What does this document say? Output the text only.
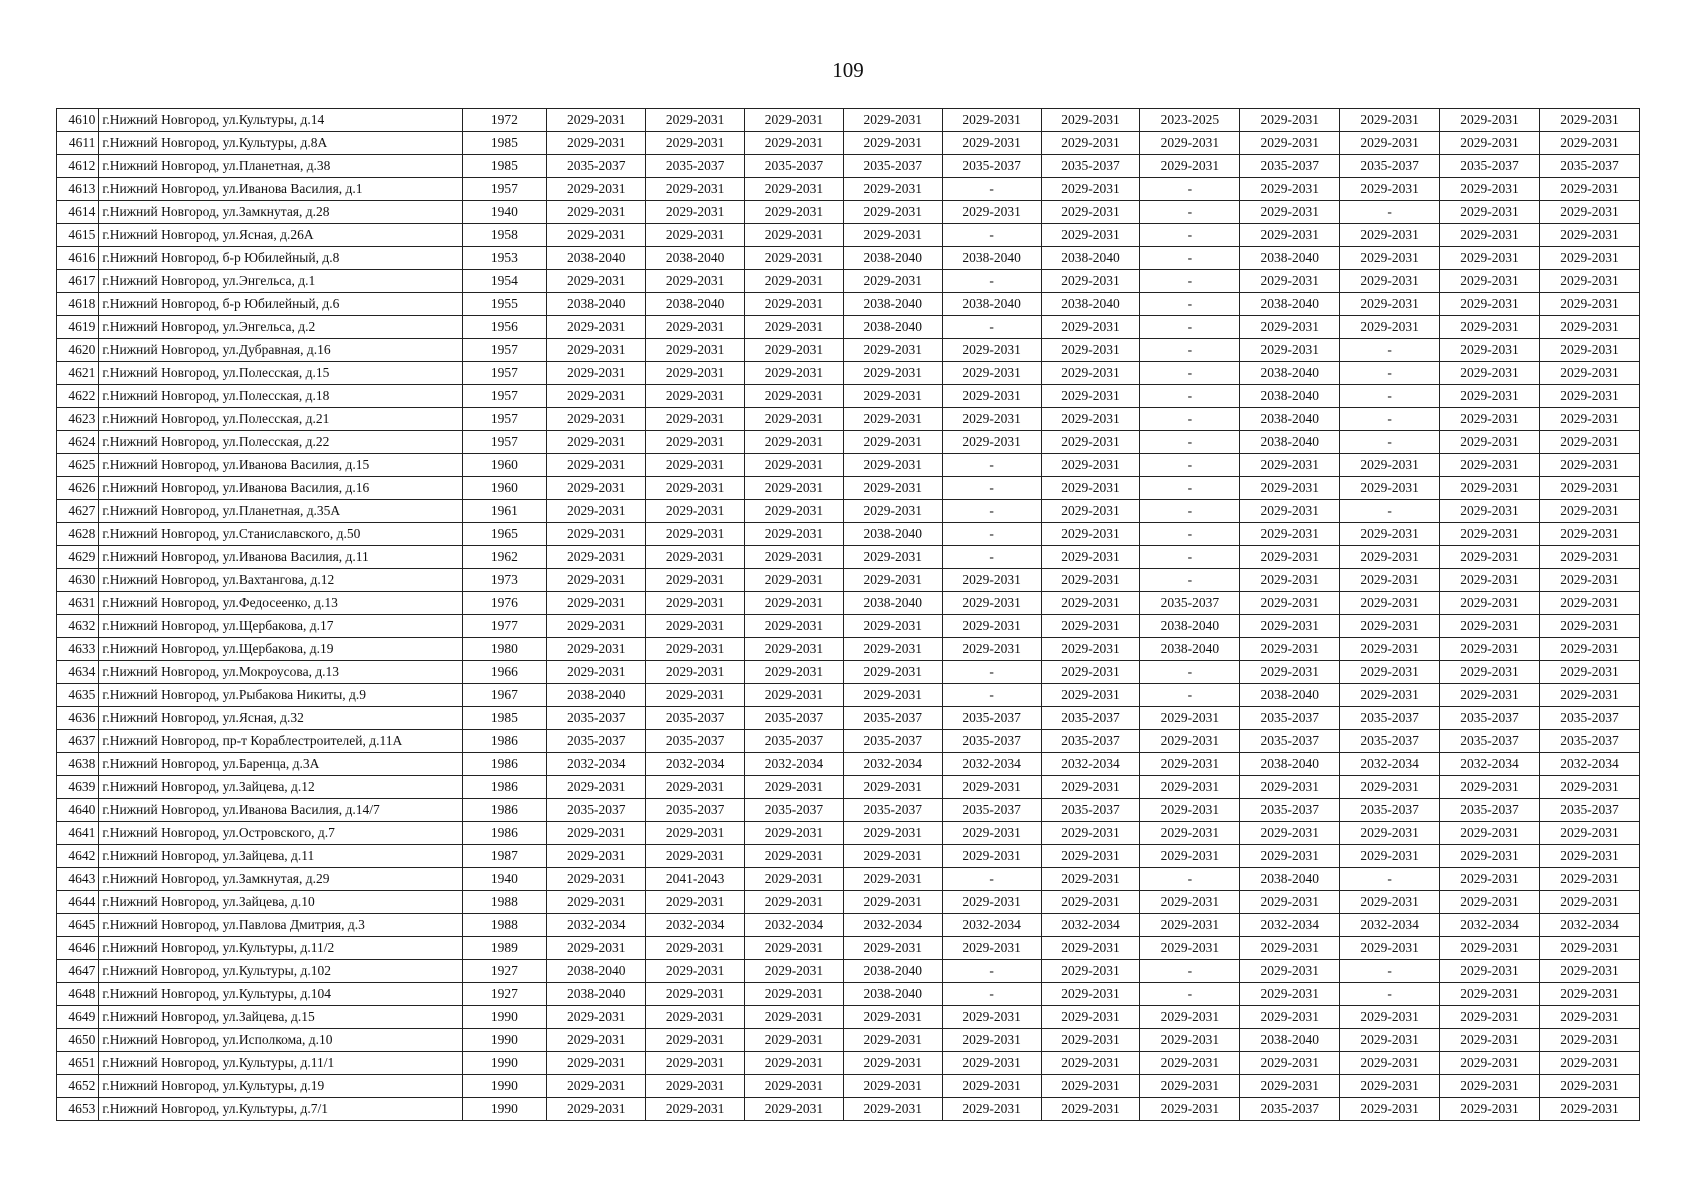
109
4610	г.Нижний Новгород, ул.Культуры, д.14	1972	2029-2031	2029-2031	2029-2031	2029-2031	2029-2031	2029-2031	2023-2025	2029-2031	2029-2031	2029-2031	2029-2031
4611	г.Нижний Новгород, ул.Культуры, д.8А	1985	2029-2031	2029-2031	2029-2031	2029-2031	2029-2031	2029-2031	2029-2031	2029-2031	2029-2031	2029-2031	2029-2031
4612	г.Нижний Новгород, ул.Планетная, д.38	1985	2035-2037	2035-2037	2035-2037	2035-2037	2035-2037	2035-2037	2029-2031	2035-2037	2035-2037	2035-2037	2035-2037
4613	г.Нижний Новгород, ул.Иванова Василия, д.1	1957	2029-2031	2029-2031	2029-2031	2029-2031	-	2029-2031	-	2029-2031	2029-2031	2029-2031	2029-2031
4614	г.Нижний Новгород, ул.Замкнутая, д.28	1940	2029-2031	2029-2031	2029-2031	2029-2031	2029-2031	2029-2031	-	2029-2031	-	2029-2031	2029-2031
4615	г.Нижний Новгород, ул.Ясная, д.26А	1958	2029-2031	2029-2031	2029-2031	2029-2031	-	2029-2031	-	2029-2031	2029-2031	2029-2031	2029-2031
4616	г.Нижний Новгород, б-р Юбилейный, д.8	1953	2038-2040	2038-2040	2029-2031	2038-2040	2038-2040	2038-2040	-	2038-2040	2029-2031	2029-2031	2029-2031
4617	г.Нижний Новгород, ул.Энгельса, д.1	1954	2029-2031	2029-2031	2029-2031	2029-2031	-	2029-2031	-	2029-2031	2029-2031	2029-2031	2029-2031
4618	г.Нижний Новгород, б-р Юбилейный, д.6	1955	2038-2040	2038-2040	2029-2031	2038-2040	2038-2040	2038-2040	-	2038-2040	2029-2031	2029-2031	2029-2031
4619	г.Нижний Новгород, ул.Энгельса, д.2	1956	2029-2031	2029-2031	2029-2031	2038-2040	-	2029-2031	-	2029-2031	2029-2031	2029-2031	2029-2031
4620	г.Нижний Новгород, ул.Дубравная, д.16	1957	2029-2031	2029-2031	2029-2031	2029-2031	2029-2031	2029-2031	-	2029-2031	-	2029-2031	2029-2031
4621	г.Нижний Новгород, ул.Полесская, д.15	1957	2029-2031	2029-2031	2029-2031	2029-2031	2029-2031	2029-2031	-	2038-2040	-	2029-2031	2029-2031
4622	г.Нижний Новгород, ул.Полесская, д.18	1957	2029-2031	2029-2031	2029-2031	2029-2031	2029-2031	2029-2031	-	2038-2040	-	2029-2031	2029-2031
4623	г.Нижний Новгород, ул.Полесская, д.21	1957	2029-2031	2029-2031	2029-2031	2029-2031	2029-2031	2029-2031	-	2038-2040	-	2029-2031	2029-2031
4624	г.Нижний Новгород, ул.Полесская, д.22	1957	2029-2031	2029-2031	2029-2031	2029-2031	2029-2031	2029-2031	-	2038-2040	-	2029-2031	2029-2031
4625	г.Нижний Новгород, ул.Иванова Василия, д.15	1960	2029-2031	2029-2031	2029-2031	2029-2031	-	2029-2031	-	2029-2031	2029-2031	2029-2031	2029-2031
4626	г.Нижний Новгород, ул.Иванова Василия, д.16	1960	2029-2031	2029-2031	2029-2031	2029-2031	-	2029-2031	-	2029-2031	2029-2031	2029-2031	2029-2031
4627	г.Нижний Новгород, ул.Планетная, д.35А	1961	2029-2031	2029-2031	2029-2031	2029-2031	-	2029-2031	-	2029-2031	-	2029-2031	2029-2031
4628	г.Нижний Новгород, ул.Станиславского, д.50	1965	2029-2031	2029-2031	2029-2031	2038-2040	-	2029-2031	-	2029-2031	2029-2031	2029-2031	2029-2031
4629	г.Нижний Новгород, ул.Иванова Василия, д.11	1962	2029-2031	2029-2031	2029-2031	2029-2031	-	2029-2031	-	2029-2031	2029-2031	2029-2031	2029-2031
4630	г.Нижний Новгород, ул.Вахтангова, д.12	1973	2029-2031	2029-2031	2029-2031	2029-2031	2029-2031	2029-2031	-	2029-2031	2029-2031	2029-2031	2029-2031
4631	г.Нижний Новгород, ул.Федосеенко, д.13	1976	2029-2031	2029-2031	2029-2031	2038-2040	2029-2031	2029-2031	2035-2037	2029-2031	2029-2031	2029-2031	2029-2031
4632	г.Нижний Новгород, ул.Щербакова, д.17	1977	2029-2031	2029-2031	2029-2031	2029-2031	2029-2031	2029-2031	2038-2040	2029-2031	2029-2031	2029-2031	2029-2031
4633	г.Нижний Новгород, ул.Щербакова, д.19	1980	2029-2031	2029-2031	2029-2031	2029-2031	2029-2031	2029-2031	2038-2040	2029-2031	2029-2031	2029-2031	2029-2031
4634	г.Нижний Новгород, ул.Мокроусова, д.13	1966	2029-2031	2029-2031	2029-2031	2029-2031	-	2029-2031	-	2029-2031	2029-2031	2029-2031	2029-2031
4635	г.Нижний Новгород, ул.Рыбакова Никиты, д.9	1967	2038-2040	2029-2031	2029-2031	2029-2031	-	2029-2031	-	2038-2040	2029-2031	2029-2031	2029-2031
4636	г.Нижний Новгород, ул.Ясная, д.32	1985	2035-2037	2035-2037	2035-2037	2035-2037	2035-2037	2035-2037	2029-2031	2035-2037	2035-2037	2035-2037	2035-2037
4637	г.Нижний Новгород, пр-т Кораблестроителей, д.11А	1986	2035-2037	2035-2037	2035-2037	2035-2037	2035-2037	2035-2037	2029-2031	2035-2037	2035-2037	2035-2037	2035-2037
4638	г.Нижний Новгород, ул.Баренца, д.3А	1986	2032-2034	2032-2034	2032-2034	2032-2034	2032-2034	2032-2034	2029-2031	2038-2040	2032-2034	2032-2034	2032-2034
4639	г.Нижний Новгород, ул.Зайцева, д.12	1986	2029-2031	2029-2031	2029-2031	2029-2031	2029-2031	2029-2031	2029-2031	2029-2031	2029-2031	2029-2031	2029-2031
4640	г.Нижний Новгород, ул.Иванова Василия, д.14/7	1986	2035-2037	2035-2037	2035-2037	2035-2037	2035-2037	2035-2037	2029-2031	2035-2037	2035-2037	2035-2037	2035-2037
4641	г.Нижний Новгород, ул.Островского, д.7	1986	2029-2031	2029-2031	2029-2031	2029-2031	2029-2031	2029-2031	2029-2031	2029-2031	2029-2031	2029-2031	2029-2031
4642	г.Нижний Новгород, ул.Зайцева, д.11	1987	2029-2031	2029-2031	2029-2031	2029-2031	2029-2031	2029-2031	2029-2031	2029-2031	2029-2031	2029-2031	2029-2031
4643	г.Нижний Новгород, ул.Замкнутая, д.29	1940	2029-2031	2041-2043	2029-2031	2029-2031	-	2029-2031	-	2038-2040	-	2029-2031	2029-2031
4644	г.Нижний Новгород, ул.Зайцева, д.10	1988	2029-2031	2029-2031	2029-2031	2029-2031	2029-2031	2029-2031	2029-2031	2029-2031	2029-2031	2029-2031	2029-2031
4645	г.Нижний Новгород, ул.Павлова Дмитрия, д.3	1988	2032-2034	2032-2034	2032-2034	2032-2034	2032-2034	2032-2034	2029-2031	2032-2034	2032-2034	2032-2034	2032-2034
4646	г.Нижний Новгород, ул.Культуры, д.11/2	1989	2029-2031	2029-2031	2029-2031	2029-2031	2029-2031	2029-2031	2029-2031	2029-2031	2029-2031	2029-2031	2029-2031
4647	г.Нижний Новгород, ул.Культуры, д.102	1927	2038-2040	2029-2031	2029-2031	2038-2040	-	2029-2031	-	2029-2031	-	2029-2031	2029-2031
4648	г.Нижний Новгород, ул.Культуры, д.104	1927	2038-2040	2029-2031	2029-2031	2038-2040	-	2029-2031	-	2029-2031	-	2029-2031	2029-2031
4649	г.Нижний Новгород, ул.Зайцева, д.15	1990	2029-2031	2029-2031	2029-2031	2029-2031	2029-2031	2029-2031	2029-2031	2029-2031	2029-2031	2029-2031	2029-2031
4650	г.Нижний Новгород, ул.Исполкома, д.10	1990	2029-2031	2029-2031	2029-2031	2029-2031	2029-2031	2029-2031	2029-2031	2038-2040	2029-2031	2029-2031	2029-2031
4651	г.Нижний Новгород, ул.Культуры, д.11/1	1990	2029-2031	2029-2031	2029-2031	2029-2031	2029-2031	2029-2031	2029-2031	2029-2031	2029-2031	2029-2031	2029-2031
4652	г.Нижний Новгород, ул.Культуры, д.19	1990	2029-2031	2029-2031	2029-2031	2029-2031	2029-2031	2029-2031	2029-2031	2029-2031	2029-2031	2029-2031	2029-2031
4653	г.Нижний Новгород, ул.Культуры, д.7/1	1990	2029-2031	2029-2031	2029-2031	2029-2031	2029-2031	2029-2031	2029-2031	2035-2037	2029-2031	2029-2031	2029-2031
